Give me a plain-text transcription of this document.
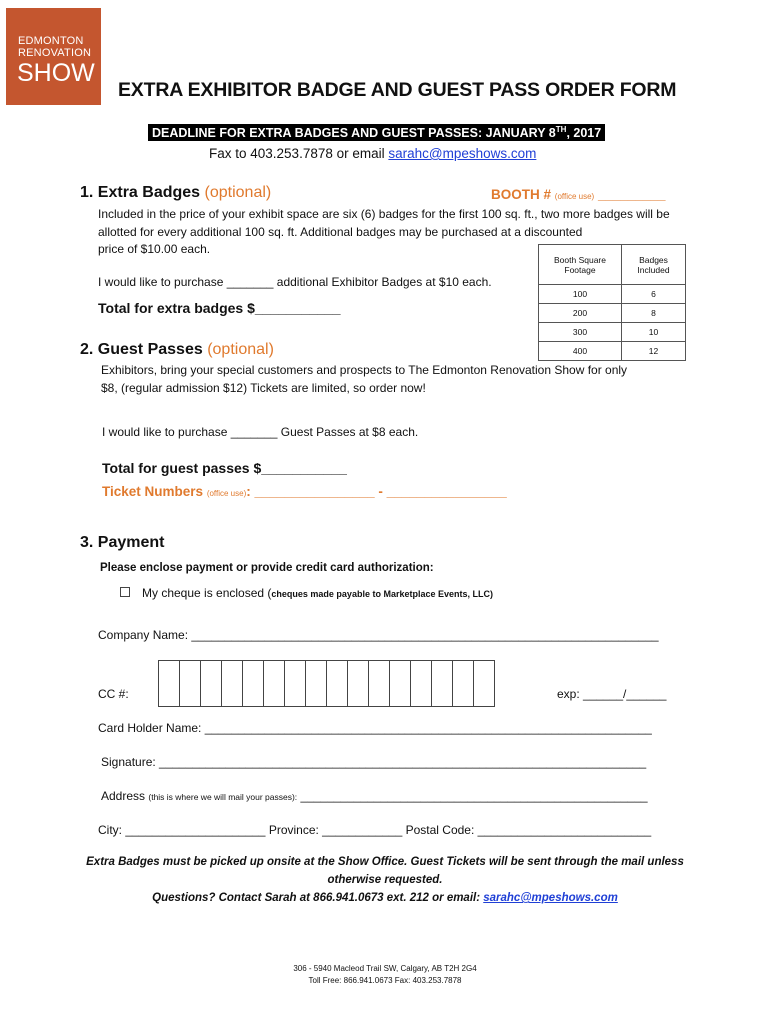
EDMONTON
RENOVATION
SHOW
EXTRA EXHIBITOR BADGE AND GUEST PASS ORDER FORM
DEADLINE FOR EXTRA BADGES AND GUEST PASSES: JANUARY 8TH, 2017
Fax to 403.253.7878 or email sarahc@mpeshows.com
1. Extra Badges (optional)	BOOTH # (office use) _________
Included in the price of your exhibit space are six (6) badges for the first 100 sq. ft., two more badges will be
allotted for every additional 100 sq. ft. Additional badges may be purchased at a discounted
price of $10.00 each.
I would like to purchase _______ additional Exhibitor Badges at $10 each.
Total for extra badges $___________
Booth Square Footage	Badges Included
100	6
200	8
300	10
400	12
2. Guest Passes (optional)
Exhibitors, bring your special customers and prospects to The Edmonton Renovation Show for only
$8, (regular admission $12) Tickets are limited, so order now!
I would like to purchase _______ Guest Passes at $8 each.
Total for guest passes $___________
Ticket Numbers (office use): ________________ - ________________
3. Payment
Please enclose payment or provide credit card authorization:
My cheque is enclosed (cheques made payable to Marketplace Events, LLC)
Company Name: ______________________________________________________________________
CC #:	exp: ______/______
Card Holder Name: ___________________________________________________________________
Signature: _________________________________________________________________________
Address (this is where we will mail your passes): ____________________________________________________
City: _____________________ Province: ____________ Postal Code: __________________________
Extra Badges must be picked up onsite at the Show Office. Guest Tickets will be sent through the mail unless
otherwise requested.
Questions? Contact Sarah at 866.941.0673 ext. 212 or email: sarahc@mpeshows.com
306 - 5940 Macleod Trail SW, Calgary, AB T2H 2G4
Toll Free: 866.941.0673 Fax: 403.253.7878
